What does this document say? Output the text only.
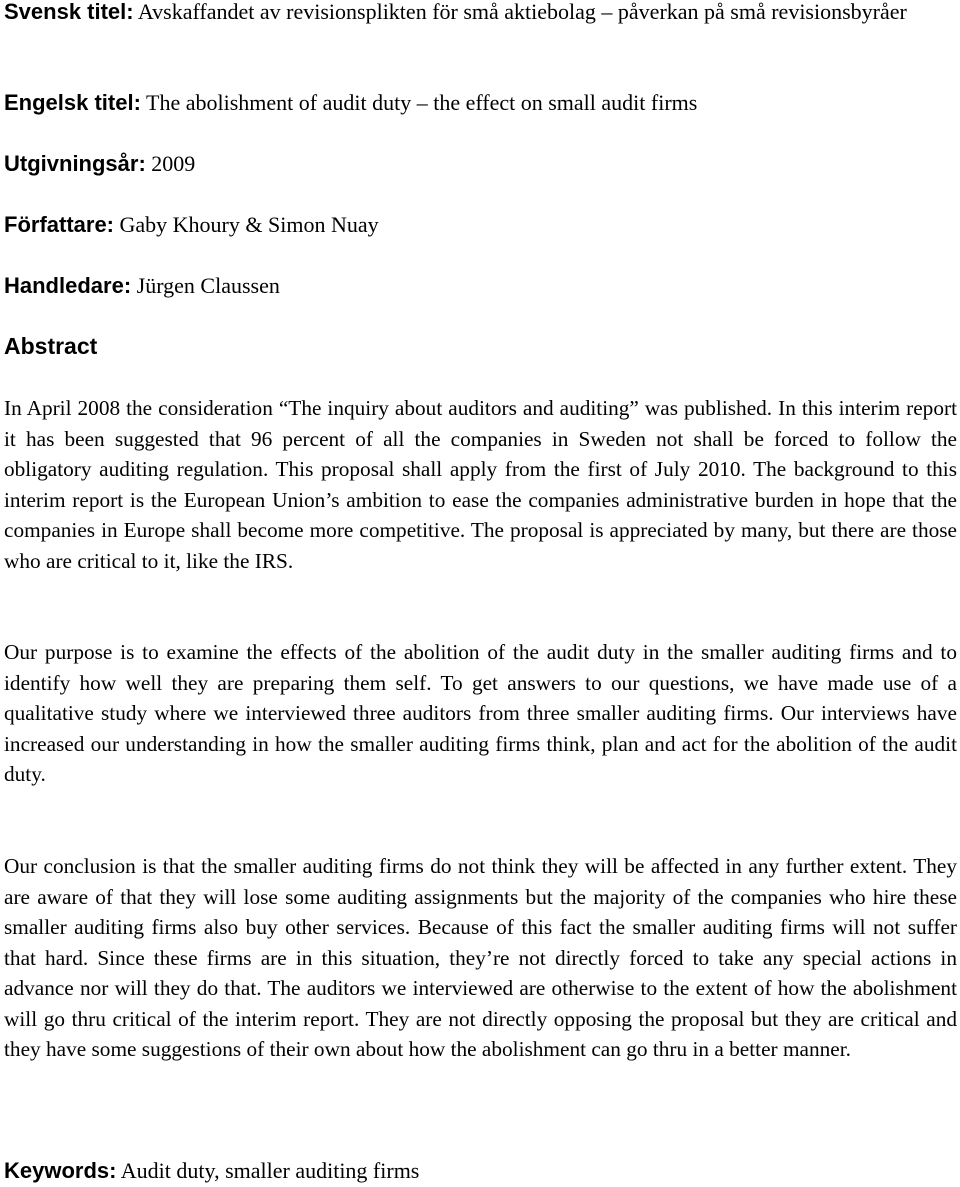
Svensk titel: Avskaffandet av revisionsplikten för små aktiebolag – påverkan på små revisionsbyråer

Engelsk titel: The abolishment of audit duty – the effect on small audit firms

Utgivningsår: 2009

Författare: Gaby Khoury & Simon Nuay

Handledare: Jürgen Claussen

Abstract

In April 2008 the consideration “The inquiry about auditors and auditing” was published. In this interim report it has been suggested that 96 percent of all the companies in Sweden not shall be forced to follow the obligatory auditing regulation. This proposal shall apply from the first of July 2010. The background to this interim report is the European Union’s ambition to ease the companies administrative burden in hope that the companies in Europe shall become more competitive. The proposal is appreciated by many, but there are those who are critical to it, like the IRS.

Our purpose is to examine the effects of the abolition of the audit duty in the smaller auditing firms and to identify how well they are preparing them self. To get answers to our questions, we have made use of a qualitative study where we interviewed three auditors from three smaller auditing firms. Our interviews have increased our understanding in how the smaller auditing firms think, plan and act for the abolition of the audit duty.

Our conclusion is that the smaller auditing firms do not think they will be affected in any further extent. They are aware of that they will lose some auditing assignments but the majority of the companies who hire these smaller auditing firms also buy other services. Because of this fact the smaller auditing firms will not suffer that hard. Since these firms are in this situation, they’re not directly forced to take any special actions in advance nor will they do that. The auditors we interviewed are otherwise to the extent of how the abolishment will go thru critical of the interim report. They are not directly opposing the proposal but they are critical and they have some suggestions of their own about how the abolishment can go thru in a better manner.

Keywords: Audit duty, smaller auditing firms
